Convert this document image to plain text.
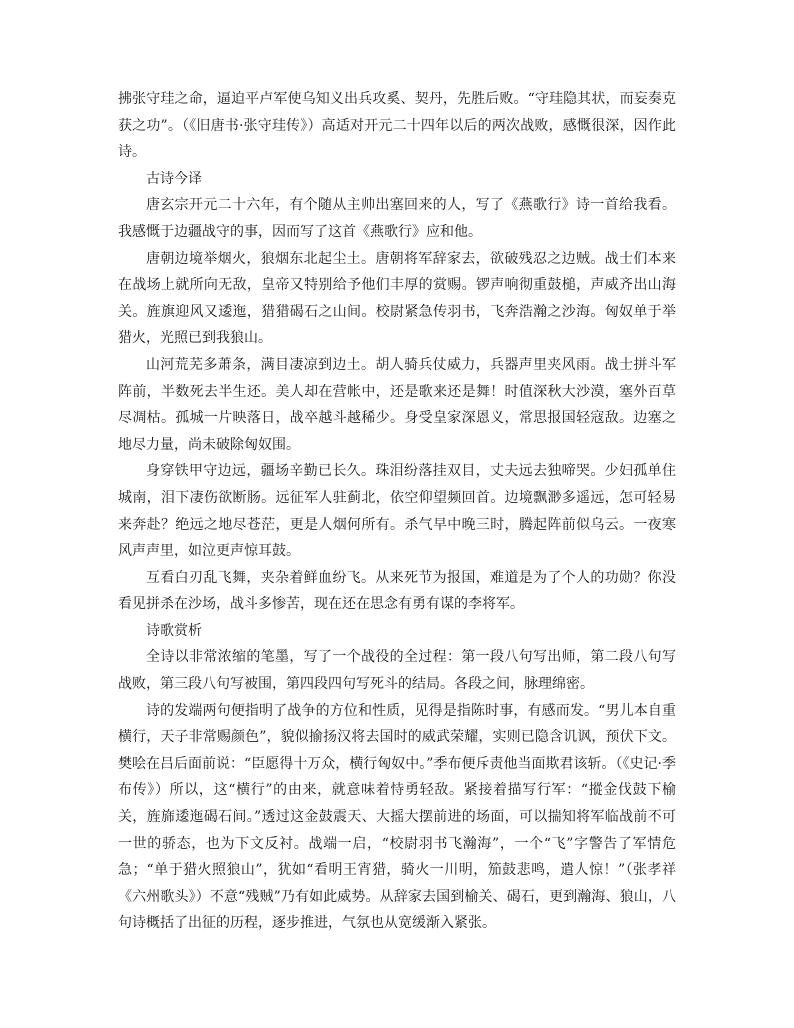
拂张守珪之命，逼迫平卢军使乌知义出兵攻奚、契丹，先胜后败。“守珪隐其状，而妄奏克获之功”。（《旧唐书·张守珪传》）高适对开元二十四年以后的两次战败，感慨很深，因作此诗。

古诗今译

唐玄宗开元二十六年，有个随从主帅出塞回来的人，写了《燕歌行》诗一首给我看。我感慨于边疆战守的事，因而写了这首《燕歌行》应和他。

唐朝边境举烟火，狼烟东北起尘土。唐朝将军辞家去，欲破残忍之边贼。战士们本来在战场上就所向无敌，皇帝又特别给予他们丰厚的赏赐。锣声响彻重鼓槌，声威齐出山海关。旌旗迎风又逶迤，猎猎碣石之山间。校尉紧急传羽书，飞奔浩瀚之沙海。匈奴单于举猎火，光照已到我狼山。

山河荒芜多萧条，满目凄凉到边土。胡人骑兵仗威力，兵器声里夹风雨。战士拼斗军阵前，半数死去半生还。美人却在营帐中，还是歌来还是舞！时值深秋大沙漠，塞外百草尽凋枯。孤城一片映落日，战卒越斗越稀少。身受皇家深恩义，常思报国轻寇敌。边塞之地尽力量，尚未破除匈奴围。

身穿铁甲守边远，疆场辛勤已长久。珠泪纷落挂双目，丈夫远去独啼哭。少妇孤单住城南，泪下凄伤欲断肠。远征军人驻蓟北，依空仰望频回首。边境飘渺多遥远，怎可轻易来奔赴？绝远之地尽苍茫，更是人烟何所有。杀气早中晚三时，腾起阵前似乌云。一夜寒风声声里，如泣更声惊耳鼓。

互看白刃乱飞舞，夹杂着鲜血纷飞。从来死节为报国，难道是为了个人的功勋？你没看见拼杀在沙场，战斗多惨苦，现在还在思念有勇有谋的李将军。

诗歌赏析

全诗以非常浓缩的笔墨，写了一个战役的全过程：第一段八句写出师，第二段八句写战败，第三段八句写被围，第四段四句写死斗的结局。各段之间，脉理绵密。

诗的发端两句便指明了战争的方位和性质，见得是指陈时事，有感而发。“男儿本自重横行，天子非常赐颜色”，貌似揄扬汉将去国时的威武荣耀，实则已隐含讥讽，预伏下文。樊哙在吕后面前说：“臣愿得十万众，横行匈奴中。”季布便斥责他当面欺君该斩。（《史记·季布传》）所以，这“横行”的由来，就意味着恃勇轻敌。紧接着描写行军：“摐金伐鼓下榆关，旌旆逶迤碣石间。”透过这金鼓震天、大摇大摆前进的场面，可以揣知将军临战前不可一世的骄态，也为下文反衬。战端一启，“校尉羽书飞瀚海”，一个“飞”字警告了军情危急；“单于猎火照狼山”，犹如“看明王宵猎，骑火一川明，笳鼓悲鸣，遣人惊！”（张孝祥《六州歌头》）不意“残贼”乃有如此威势。从辞家去国到榆关、碣石，更到瀚海、狼山，八句诗概括了出征的历程，逐步推进，气氛也从宽缓渐入紧张。
